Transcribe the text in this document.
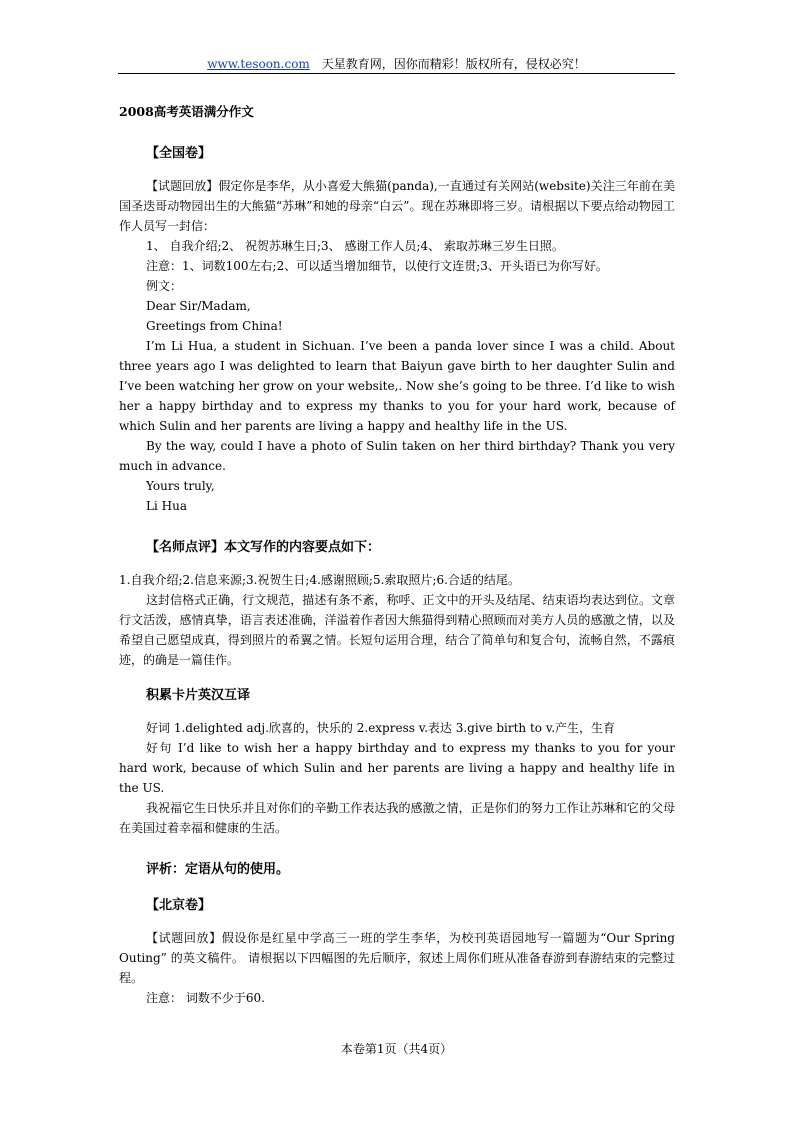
www.tesoon.com 天星教育网，因你而精彩！版权所有，侵权必究！

2008高考英语满分作文

【全国卷】

【试题回放】假定你是李华，从小喜爱大熊猫(panda),一直通过有关网站(website)关注三年前在美国圣迭哥动物园出生的大熊猫“苏琳”和她的母亲“白云”。现在苏琳即将三岁。请根据以下要点给动物园工作人员写一封信：

1、 自我介绍;2、 祝贺苏琳生日;3、 感谢工作人员;4、 索取苏琳三岁生日照。

注意：1、词数100左右;2、可以适当增加细节，以使行文连贯;3、开头语已为你写好。

例文：

Dear Sir/Madam,

Greetings from China!

I’m Li Hua, a student in Sichuan. I’ve been a panda lover since I was a child. About three years ago I was delighted to learn that Baiyun gave birth to her daughter Sulin and I’ve been watching her grow on your website,. Now she’s going to be three. I’d like to wish her a happy birthday and to express my thanks to you for your hard work, because of which Sulin and her parents are living a happy and healthy life in the US.

By the way, could I have a photo of Sulin taken on her third birthday? Thank you very much in advance.

Yours truly,

Li Hua

【名师点评】本文写作的内容要点如下：

1.自我介绍;2.信息来源;3.祝贺生日;4.感谢照顾;5.索取照片;6.合适的结尾。

这封信格式正确，行文规范，描述有条不紊，称呼、正文中的开头及结尾、结束语均表达到位。文章行文活泼，感情真挚，语言表述准确，洋溢着作者因大熊猫得到精心照顾而对美方人员的感激之情，以及希望自己愿望成真，得到照片的希翼之情。长短句运用合理，结合了简单句和复合句，流畅自然，不露痕迹，的确是一篇佳作。

积累卡片英汉互译

好词 1.delighted adj.欣喜的，快乐的 2.express v.表达 3.give birth to v.产生，生育

好句 I’d like to wish her a happy birthday and to express my thanks to you for your hard work, because of which Sulin and her parents are living a happy and healthy life in the US.

我祝福它生日快乐并且对你们的辛勤工作表达我的感激之情，正是你们的努力工作让苏琳和它的父母在美国过着幸福和健康的生活。

评析：定语从句的使用。

【北京卷】

【试题回放】假设你是红星中学高三一班的学生李华，为校刊英语园地写一篇题为“Our Spring Outing” 的英文稿件。 请根据以下四幅图的先后顺序，叙述上周你们班从准备春游到春游结束的完整过程。

注意： 词数不少于60.

本卷第1页（共4页）
